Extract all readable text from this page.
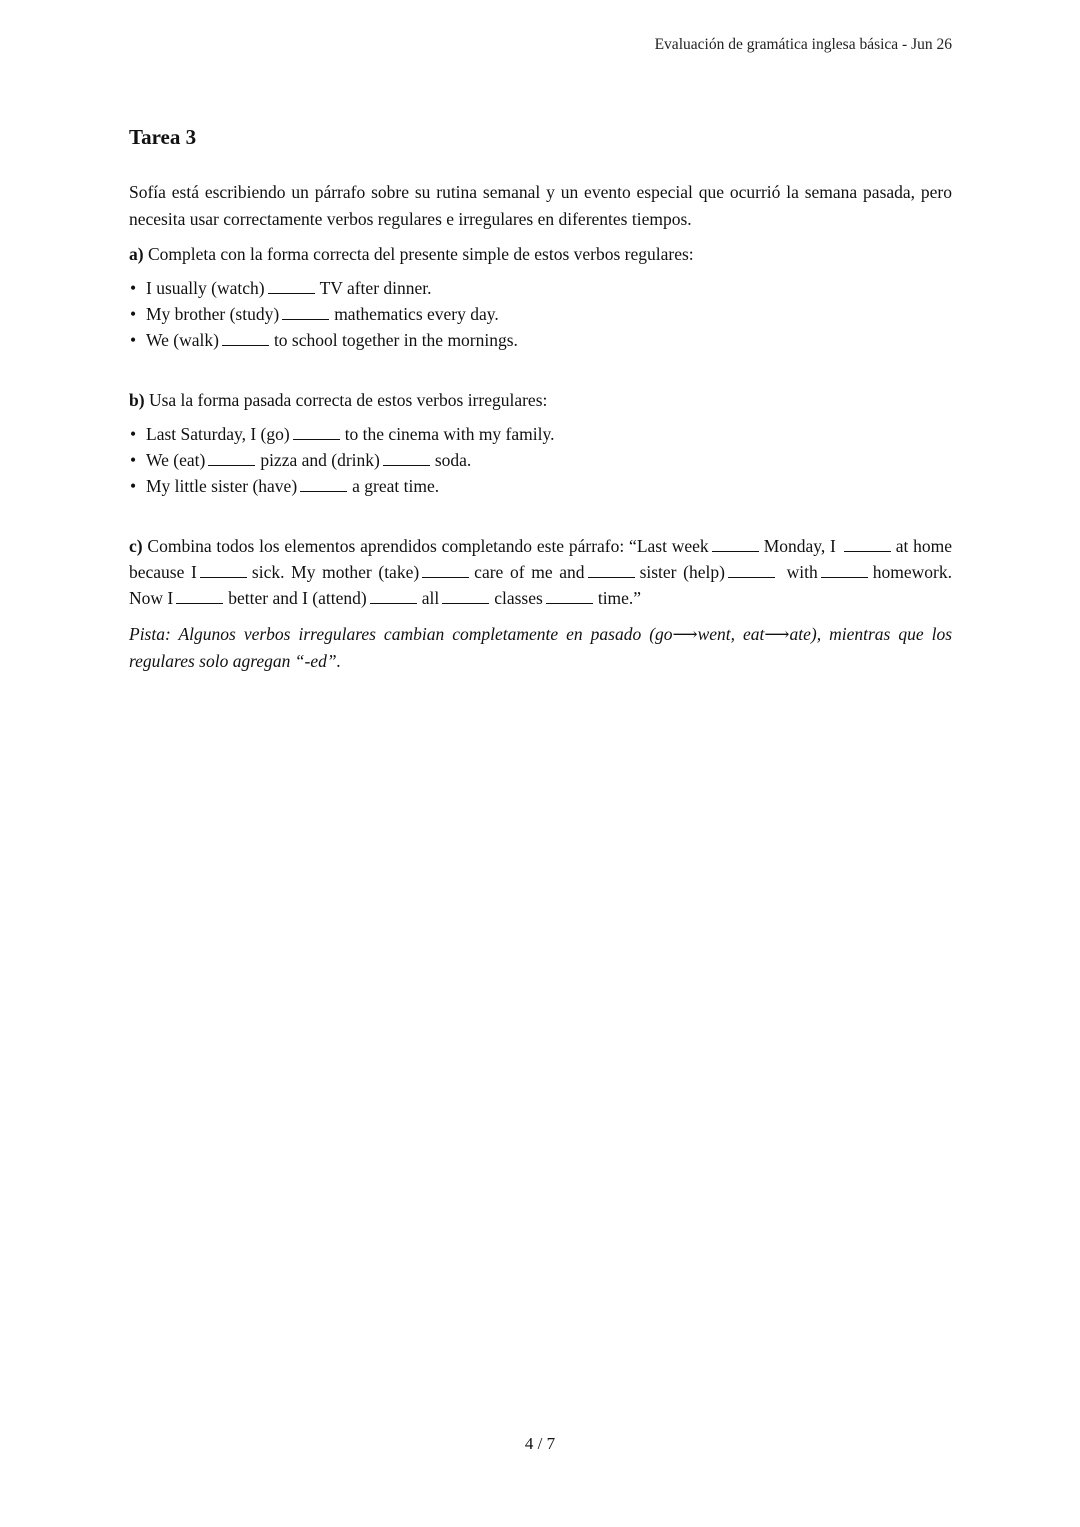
Evaluación de gramática inglesa básica - Jun 26
Tarea 3

Sofía está escribiendo un párrafo sobre su rutina semanal y un evento especial que ocurrió la semana pasada, pero necesita usar correctamente verbos regulares e irregulares en diferentes tiempos.

a) Completa con la forma correcta del presente simple de estos verbos regulares:

• I usually (watch)	TV after dinner.
• My brother (study)	mathematics every day.
• We (walk)	to school together in the mornings.

b) Usa la forma pasada correcta de estos verbos irregulares:

• Last Saturday, I (go)	to the cinema with my family.
• We (eat)	pizza and (drink)	soda.
• My little sister (have)	a great time.

c) Combina todos los elementos aprendidos completando este párrafo: “Last week	Monday, I	at home because I	sick. My mother (take)	care of me and	sister (help)	with	homework. Now I	better and I (attend)	all	classes	time.”

Pista: Algunos verbos irregulares cambian completamente en pasado (go⟶went, eat⟶ate), mientras que los regulares solo agregan “-ed”.

4 / 7
